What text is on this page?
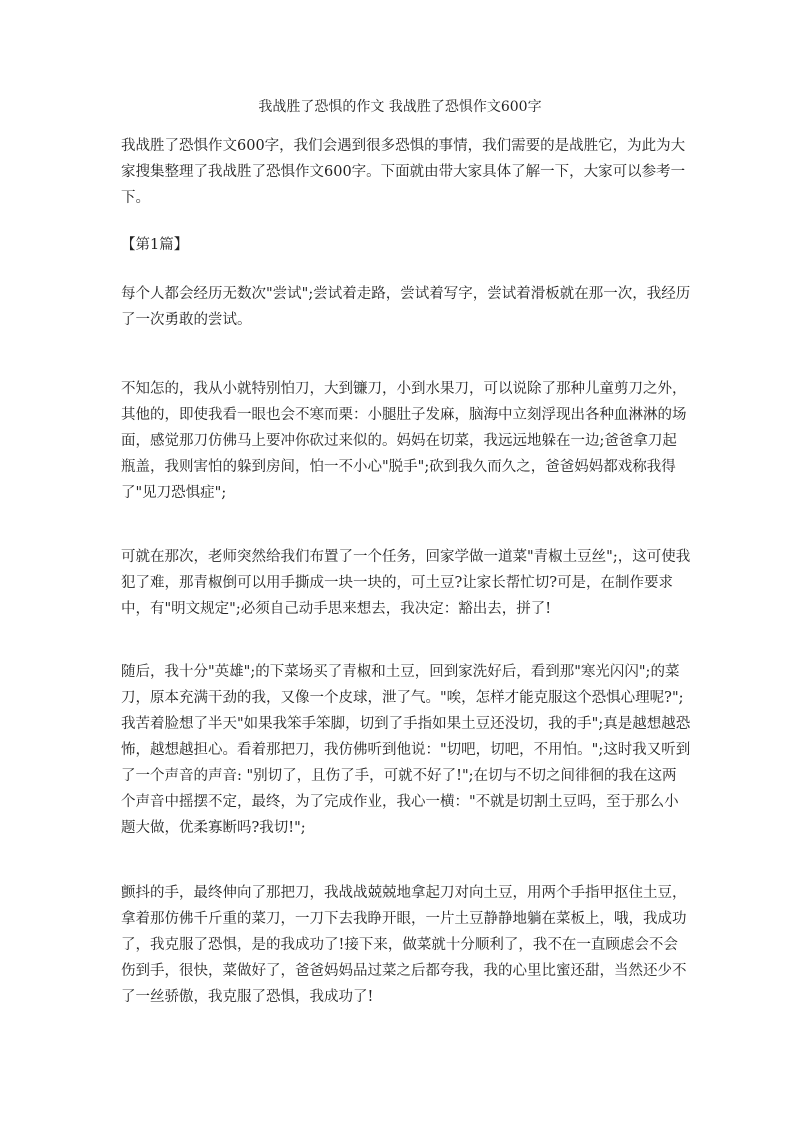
我战胜了恐惧的作文 我战胜了恐惧作文600字

我战胜了恐惧作文600字，我们会遇到很多恐惧的事情，我们需要的是战胜它，为此为大家搜集整理了我战胜了恐惧作文600字。下面就由带大家具体了解一下，大家可以参考一下。

【第1篇】

每个人都会经历无数次"尝试";尝试着走路，尝试着写字，尝试着滑板就在那一次，我经历了一次勇敢的尝试。

不知怎的，我从小就特别怕刀，大到镰刀，小到水果刀，可以说除了那种儿童剪刀之外，其他的，即使我看一眼也会不寒而栗：小腿肚子发麻，脑海中立刻浮现出各种血淋淋的场面，感觉那刀仿佛马上要冲你砍过来似的。妈妈在切菜，我远远地躲在一边;爸爸拿刀起瓶盖，我则害怕的躲到房间，怕一不小心"脱手";砍到我久而久之，爸爸妈妈都戏称我得了"见刀恐惧症";

可就在那次，老师突然给我们布置了一个任务，回家学做一道菜"青椒土豆丝";，这可使我犯了难，那青椒倒可以用手撕成一块一块的，可土豆?让家长帮忙切?可是，在制作要求中，有"明文规定";必须自己动手思来想去，我决定：豁出去，拼了!

随后，我十分"英雄";的下菜场买了青椒和土豆，回到家洗好后，看到那"寒光闪闪";的菜刀，原本充满干劲的我，又像一个皮球，泄了气。"唉，怎样才能克服这个恐惧心理呢?";我苦着脸想了半天"如果我笨手笨脚，切到了手指如果土豆还没切，我的手";真是越想越恐怖，越想越担心。看着那把刀，我仿佛听到他说："切吧，切吧，不用怕。";这时我又听到了一个声音的声音: "别切了，且伤了手，可就不好了!";在切与不切之间徘徊的我在这两个声音中摇摆不定，最终，为了完成作业，我心一横："不就是切割土豆吗，至于那么小题大做，优柔寡断吗?我切!";

颤抖的手，最终伸向了那把刀，我战战兢兢地拿起刀对向土豆，用两个手指甲抠住土豆，拿着那仿佛千斤重的菜刀，一刀下去我睁开眼，一片土豆静静地躺在菜板上，哦，我成功了，我克服了恐惧，是的我成功了!接下来，做菜就十分顺利了，我不在一直顾虑会不会伤到手，很快，菜做好了，爸爸妈妈品过菜之后都夸我，我的心里比蜜还甜，当然还少不了一丝骄傲，我克服了恐惧，我成功了!
